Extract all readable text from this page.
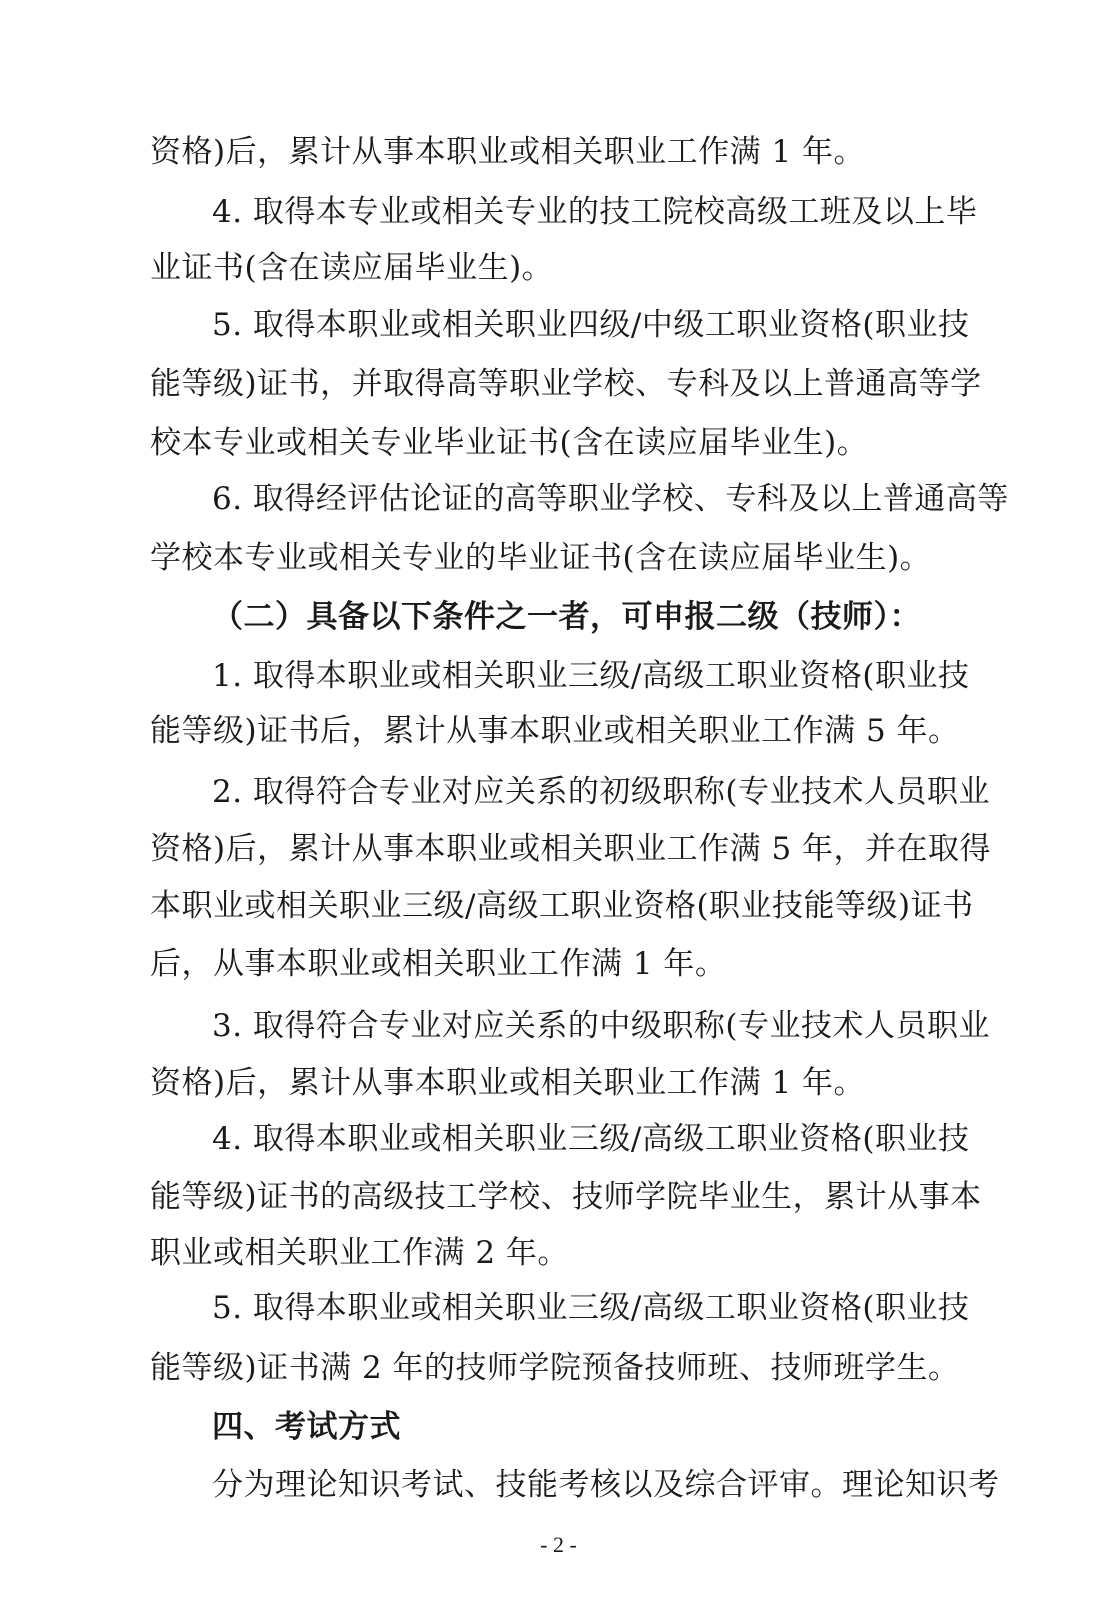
资格)后，累计从事本职业或相关职业工作满 1 年。
4. 取得本专业或相关专业的技工院校高级工班及以上毕
业证书(含在读应届毕业生)。
5. 取得本职业或相关职业四级/中级工职业资格(职业技
能等级)证书，并取得高等职业学校、专科及以上普通高等学
校本专业或相关专业毕业证书(含在读应届毕业生)。
6. 取得经评估论证的高等职业学校、专科及以上普通高等
学校本专业或相关专业的毕业证书(含在读应届毕业生)。
（二）具备以下条件之一者，可申报二级（技师）：
1. 取得本职业或相关职业三级/高级工职业资格(职业技
能等级)证书后，累计从事本职业或相关职业工作满 5 年。
2. 取得符合专业对应关系的初级职称(专业技术人员职业
资格)后，累计从事本职业或相关职业工作满 5 年，并在取得
本职业或相关职业三级/高级工职业资格(职业技能等级)证书
后，从事本职业或相关职业工作满 1 年。
3. 取得符合专业对应关系的中级职称(专业技术人员职业
资格)后，累计从事本职业或相关职业工作满 1 年。
4. 取得本职业或相关职业三级/高级工职业资格(职业技
能等级)证书的高级技工学校、技师学院毕业生，累计从事本
职业或相关职业工作满 2 年。
5. 取得本职业或相关职业三级/高级工职业资格(职业技
能等级)证书满 2 年的技师学院预备技师班、技师班学生。
四、考试方式
分为理论知识考试、技能考核以及综合评审。理论知识考
- 2 -
